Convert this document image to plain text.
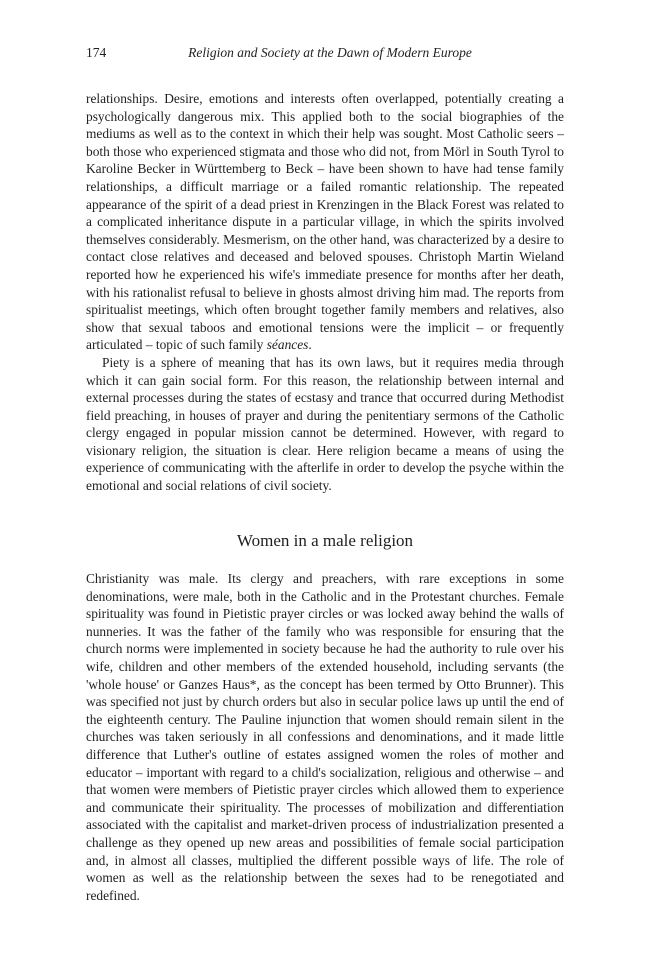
174	Religion and Society at the Dawn of Modern Europe

relationships. Desire, emotions and interests often overlapped, potentially creating a psychologically dangerous mix. This applied both to the social biographies of the mediums as well as to the context in which their help was sought. Most Catholic seers – both those who experienced stigmata and those who did not, from Mörl in South Tyrol to Karoline Becker in Württemberg to Beck – have been shown to have had tense family relationships, a difficult marriage or a failed romantic relationship. The repeated appearance of the spirit of a dead priest in Krenzingen in the Black Forest was related to a complicated inheritance dispute in a particular village, in which the spirits involved themselves considerably. Mesmerism, on the other hand, was characterized by a desire to contact close relatives and deceased and beloved spouses. Christoph Martin Wieland reported how he experienced his wife's immediate presence for months after her death, with his rationalist refusal to believe in ghosts almost driving him mad. The reports from spiritualist meetings, which often brought together family members and relatives, also show that sexual taboos and emotional tensions were the implicit – or frequently articulated – topic of such family séances.

Piety is a sphere of meaning that has its own laws, but it requires media through which it can gain social form. For this reason, the relationship between internal and external processes during the states of ecstasy and trance that occurred during Methodist field preaching, in houses of prayer and during the penitentiary sermons of the Catholic clergy engaged in popular mission cannot be determined. However, with regard to visionary religion, the situation is clear. Here religion became a means of using the experience of communicating with the afterlife in order to develop the psyche within the emotional and social relations of civil society.

Women in a male religion

Christianity was male. Its clergy and preachers, with rare exceptions in some denominations, were male, both in the Catholic and in the Protestant churches. Female spirituality was found in Pietistic prayer circles or was locked away behind the walls of nunneries. It was the father of the family who was responsible for ensuring that the church norms were implemented in society because he had the authority to rule over his wife, children and other members of the extended household, including servants (the 'whole house' or Ganzes Haus*, as the concept has been termed by Otto Brunner). This was specified not just by church orders but also in secular police laws up until the end of the eighteenth century. The Pauline injunction that women should remain silent in the churches was taken seriously in all confessions and denominations, and it made little difference that Luther's outline of estates assigned women the roles of mother and educator – important with regard to a child's socialization, religious and otherwise – and that women were members of Pietistic prayer circles which allowed them to experience and communicate their spirituality. The processes of mobilization and differentiation associated with the capitalist and market-driven process of industrialization presented a challenge as they opened up new areas and possibilities of female social participation and, in almost all classes, multiplied the different possible ways of life. The role of women as well as the relationship between the sexes had to be renegotiated and redefined.
